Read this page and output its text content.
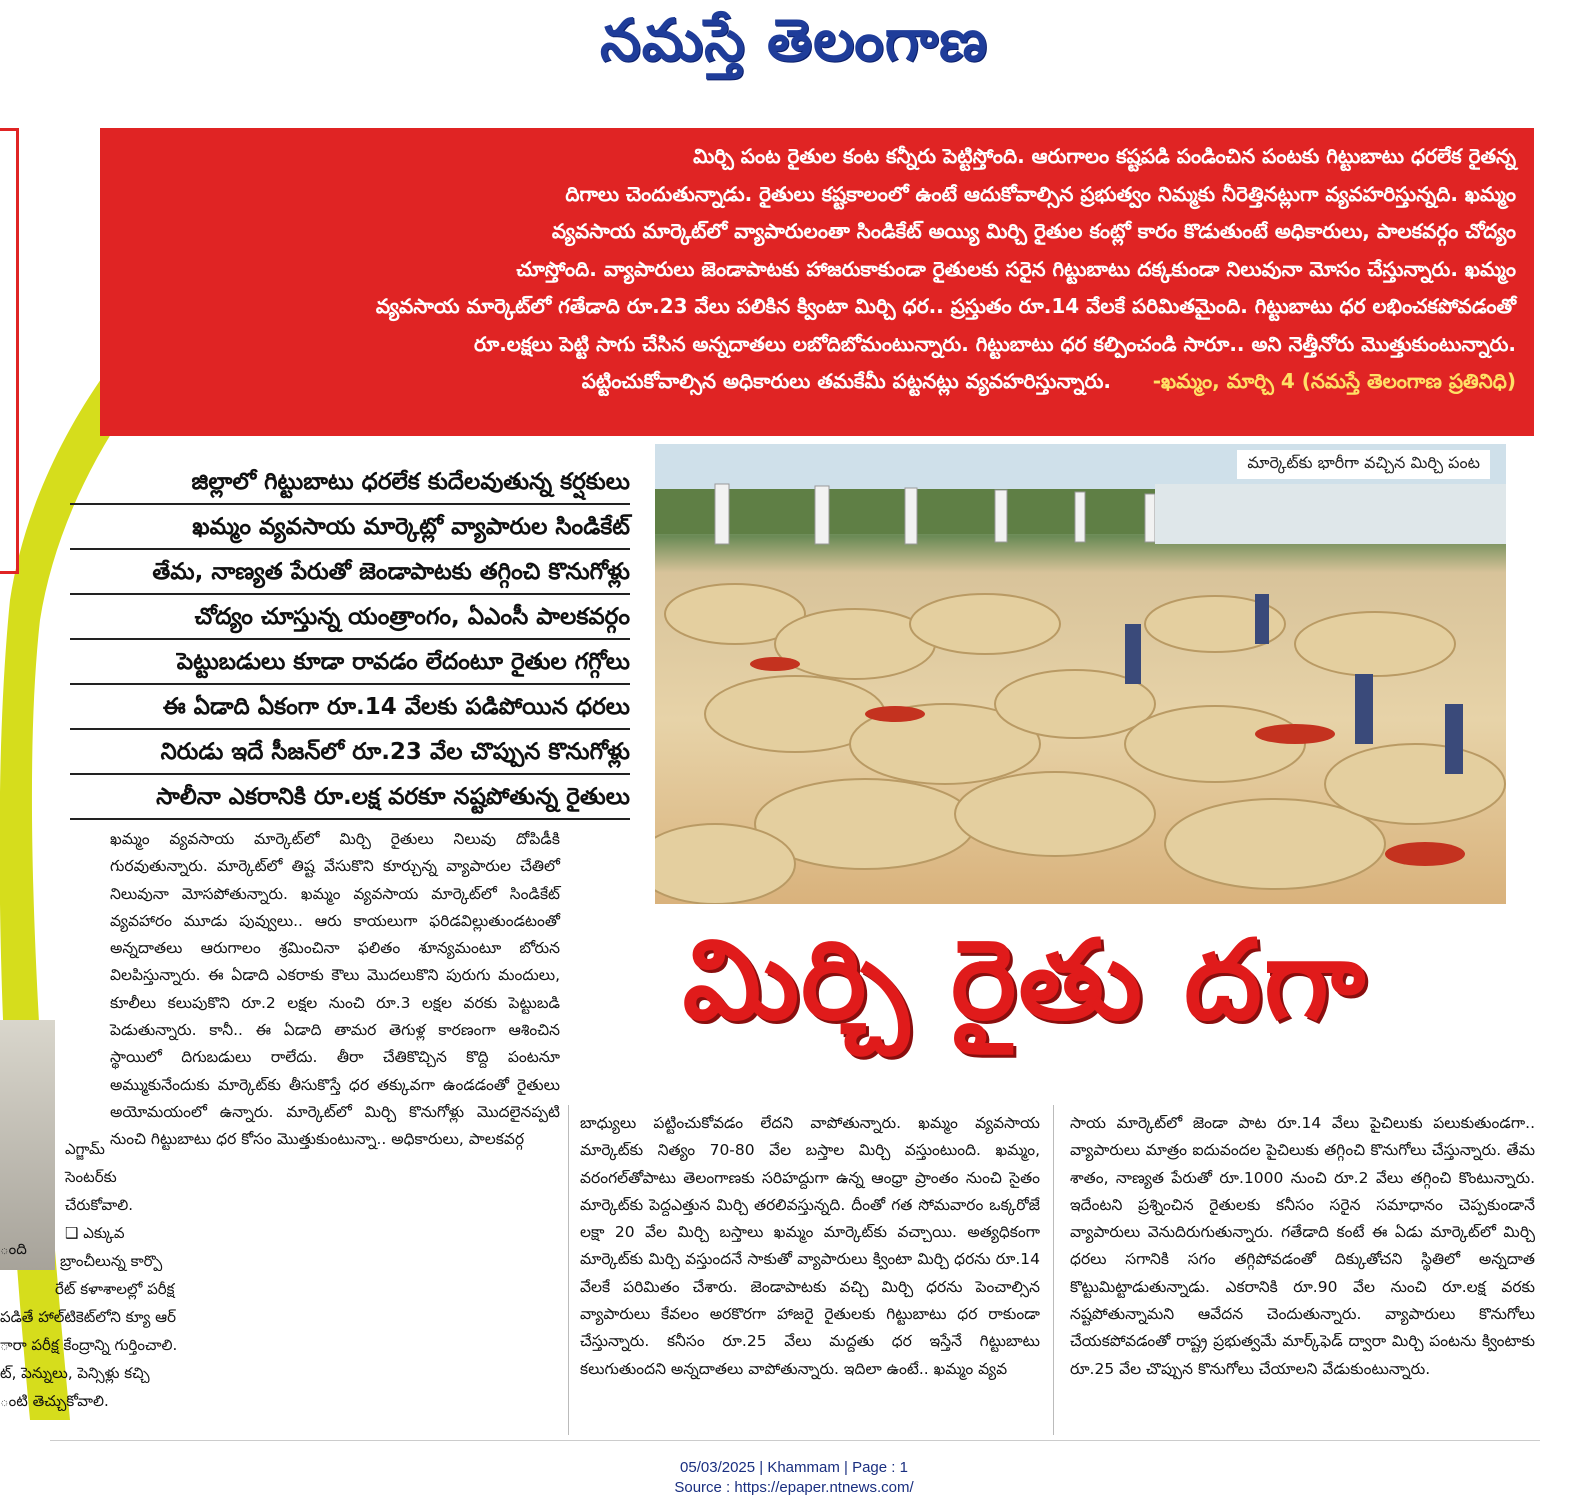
నమస్తే తెలంగాణ
మిర్చి పంట రైతుల కంట కన్నీరు పెట్టిస్తోంది. ఆరుగాలం కష్టపడి పండించిన పంటకు గిట్టుబాటు ధరలేక రైతన్న
దిగాలు చెందుతున్నాడు. రైతులు కష్టకాలంలో ఉంటే ఆదుకోవాల్సిన ప్రభుత్వం నిమ్మకు నీరెత్తినట్లుగా వ్యవహరిస్తున్నది. ఖమ్మం
వ్యవసాయ మార్కెట్‌లో వ్యాపారులంతా సిండికేట్ అయ్యి మిర్చి రైతుల కంట్లో కారం కొడుతుంటే అధికారులు, పాలకవర్గం చోద్యం
చూస్తోంది. వ్యాపారులు జెండాపాటకు హాజరుకాకుండా రైతులకు సరైన గిట్టుబాటు దక్కకుండా నిలువునా మోసం చేస్తున్నారు. ఖమ్మం
వ్యవసాయ మార్కెట్‌లో గతేడాది రూ.23 వేలు పలికిన క్వింటా మిర్చి ధర.. ప్రస్తుతం రూ.14 వేలకే పరిమితమైంది. గిట్టుబాటు ధర లభించకపోవడంతో
రూ.లక్షలు పెట్టి సాగు చేసిన అన్నదాతలు లబోదిబోమంటున్నారు. గిట్టుబాటు ధర కల్పించండి సారూ.. అని నెత్తీనోరు మొత్తుకుంటున్నారు.
పట్టించుకోవాల్సిన అధికారులు తమకేమీ పట్టనట్లు వ్యవహరిస్తున్నారు. -ఖమ్మం, మార్చి 4 (నమస్తే తెలంగాణ ప్రతినిధి)
మార్కెట్‌కు భారీగా వచ్చిన మిర్చి పంట
జిల్లాలో గిట్టుబాటు ధరలేక కుదేలవుతున్న కర్షకులు
ఖమ్మం వ్యవసాయ మార్కెట్లో వ్యాపారుల సిండికేట్
తేమ, నాణ్యత పేరుతో జెండాపాటకు తగ్గించి కొనుగోళ్లు
చోద్యం చూస్తున్న యంత్రాంగం, ఏఎంసీ పాలకవర్గం
పెట్టుబడులు కూడా రావడం లేదంటూ రైతుల గగ్గోలు
ఈ ఏడాది ఏకంగా రూ.14 వేలకు పడిపోయిన ధరలు
నిరుడు ఇదే సీజన్‌లో రూ.23 వేల చొప్పున కొనుగోళ్లు
సాలీనా ఎకరానికి రూ.లక్ష వరకూ నష్టపోతున్న రైతులు
మిర్చి రైతు దగా
ఖమ్మం వ్యవసాయ మార్కెట్‌లో మిర్చి రైతులు నిలువు దోపిడీకి గురవుతున్నారు. మార్కెట్‌లో తిష్ట వేసుకొని కూర్చున్న వ్యాపారుల చేతిలో నిలువునా మోసపోతున్నారు. ఖమ్మం వ్యవసాయ మార్కెట్‌లో సిండికేట్ వ్యవహారం మూడు పువ్వులు.. ఆరు కాయలుగా ఫరిడవిల్లుతుండటంతో అన్నదాతలు ఆరుగాలం శ్రమించినా ఫలితం శూన్యమంటూ బోరున విలపిస్తున్నారు. ఈ ఏడాది ఎకరాకు కౌలు మొదలుకొని పురుగు మందులు, కూలీలు కలుపుకొని రూ.2 లక్షల నుంచి రూ.3 లక్షల వరకు పెట్టుబడి పెడుతున్నారు. కానీ.. ఈ ఏడాది తామర తెగుళ్ల కారణంగా ఆశించిన స్థాయిలో దిగుబడులు రాలేదు. తీరా చేతికొచ్చిన కొద్ది పంటనూ అమ్ముకునేందుకు మార్కెట్‌కు తీసుకొస్తే ధర తక్కువగా ఉండడంతో రైతులు అయోమయంలో ఉన్నారు. మార్కెట్‌లో మిర్చి కొనుగోళ్లు మొదలైనప్పటి నుంచి గిట్టుబాటు ధర కోసం మొత్తుకుంటున్నా.. అధికారులు, పాలకవర్గ
బాధ్యులు పట్టించుకోవడం లేదని వాపోతున్నారు. ఖమ్మం వ్యవసాయ మార్కెట్‌కు నిత్యం 70-80 వేల బస్తాల మిర్చి వస్తుంటుంది. ఖమ్మం, వరంగల్‌తోపాటు తెలంగాణకు సరిహద్దుగా ఉన్న ఆంధ్రా ప్రాంతం నుంచి సైతం మార్కెట్‌కు పెద్దఎత్తున మిర్చి తరలివస్తున్నది. దీంతో గత సోమవారం ఒక్కరోజే లక్షా 20 వేల మిర్చి బస్తాలు ఖమ్మం మార్కెట్‌కు వచ్చాయి. అత్యధికంగా మార్కెట్‌కు మిర్చి వస్తుందనే సాకుతో వ్యాపారులు క్వింటా మిర్చి ధరను రూ.14 వేలకే పరిమితం చేశారు. జెండాపాటకు వచ్చి మిర్చి ధరను పెంచాల్సిన వ్యాపారులు కేవలం అరకొరగా హాజరై రైతులకు గిట్టుబాటు ధర రాకుండా చేస్తున్నారు. కనీసం రూ.25 వేలు మద్దతు ధర ఇస్తేనే గిట్టుబాటు కలుగుతుందని అన్నదాతలు వాపోతున్నారు. ఇదిలా ఉంటే.. ఖమ్మం వ్యవ
సాయ మార్కెట్‌లో జెండా పాట రూ.14 వేలు పైచిలుకు పలుకుతుండగా.. వ్యాపారులు మాత్రం ఐదువందల పైచిలుకు తగ్గించి కొనుగోలు చేస్తున్నారు. తేమ శాతం, నాణ్యత పేరుతో రూ.1000 నుంచి రూ.2 వేలు తగ్గించి కొంటున్నారు. ఇదేంటని ప్రశ్నించిన రైతులకు కనీసం సరైన సమాధానం చెప్పకుండానే వ్యాపారులు వెనుదిరుగుతున్నారు. గతేడాది కంటే ఈ ఏడు మార్కెట్‌లో మిర్చి ధరలు సగానికి సగం తగ్గిపోవడంతో దిక్కుతోచని స్థితిలో అన్నదాత కొట్టుమిట్టాడుతున్నాడు. ఎకరానికి రూ.90 వేల నుంచి రూ.లక్ష వరకు నష్టపోతున్నామని ఆవేదన చెందుతున్నారు. వ్యాపారులు కొనుగోలు చేయకపోవడంతో రాష్ట్ర ప్రభుత్వమే మార్క్‌ఫెడ్ ద్వారా మిర్చి పంటను క్వింటాకు రూ.25 వేల చొప్పున కొనుగోలు చేయాలని వేడుకుంటున్నారు.
ంది
ఎగ్జామ్
సెంటర్‌కు
చేరుకోవాలి.
❑ ఎక్కువ
బ్రాంచీలున్న కార్పొ
రేట్ కళాశాలల్లో పరీక్ష
పడితే హాల్‌టికెట్‌లోని క్యూ ఆర్
ారా పరీక్ష కేంద్రాన్ని గుర్తించాలి.
ట్, పెన్నులు, పెన్సిళ్లు కచ్చి
ంటి తెచ్చుకోవాలి.
05/03/2025 | Khammam | Page : 1
Source : https://epaper.ntnews.com/
